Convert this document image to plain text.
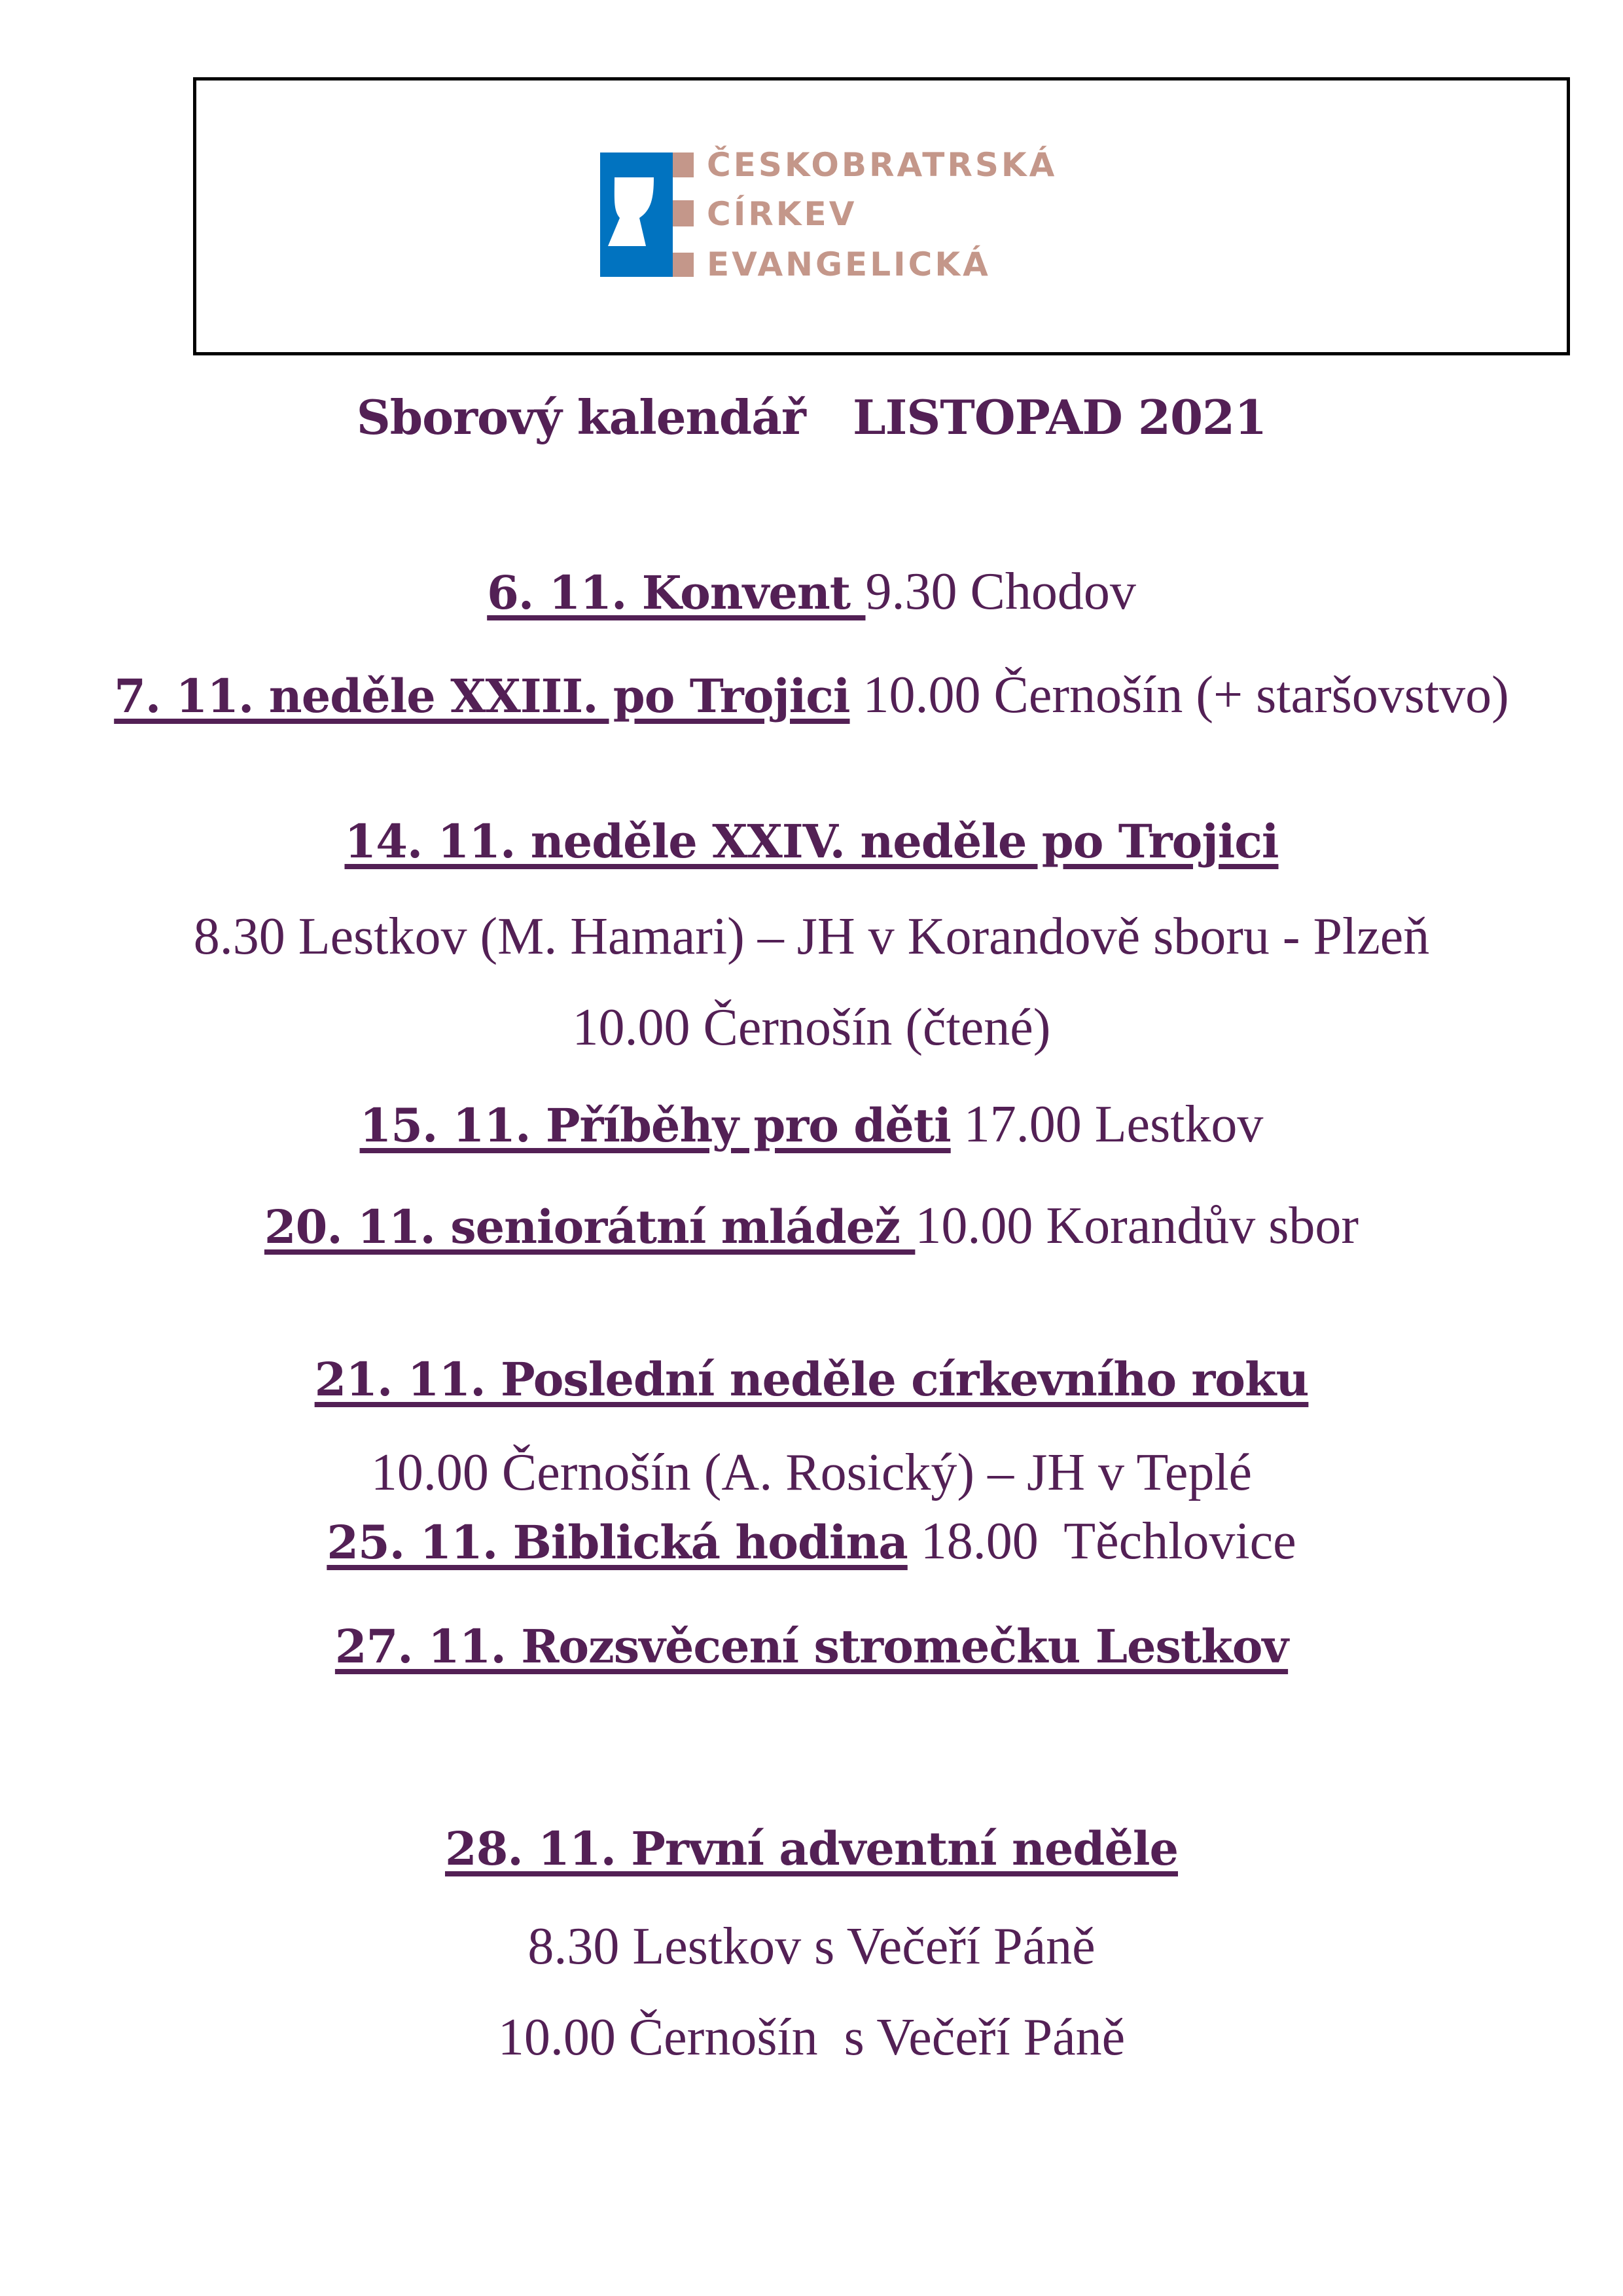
ČESKOBRATRSKÁ
CÍRKEV
EVANGELICKÁ
Sborový kalendář   LISTOPAD 2021
6. 11. Konvent 9.30 Chodov
7. 11. neděle XXIII. po Trojici 10.00 Černošín (+ staršovstvo)
14. 11. neděle XXIV. neděle po Trojici
8.30 Lestkov (M. Hamari) – JH v Korandově sboru - Plzeň
10.00 Černošín (čtené)
15. 11. Příběhy pro děti 17.00 Lestkov
20. 11. seniorátní mládež 10.00 Korandův sbor
21. 11. Poslední neděle církevního roku
10.00 Černošín (A. Rosický) – JH v Teplé
25. 11. Biblická hodina 18.00  Těchlovice
27. 11. Rozsvěcení stromečku Lestkov
28. 11. První adventní neděle
8.30 Lestkov s Večeří Páně
10.00 Černošín  s Večeří Páně
